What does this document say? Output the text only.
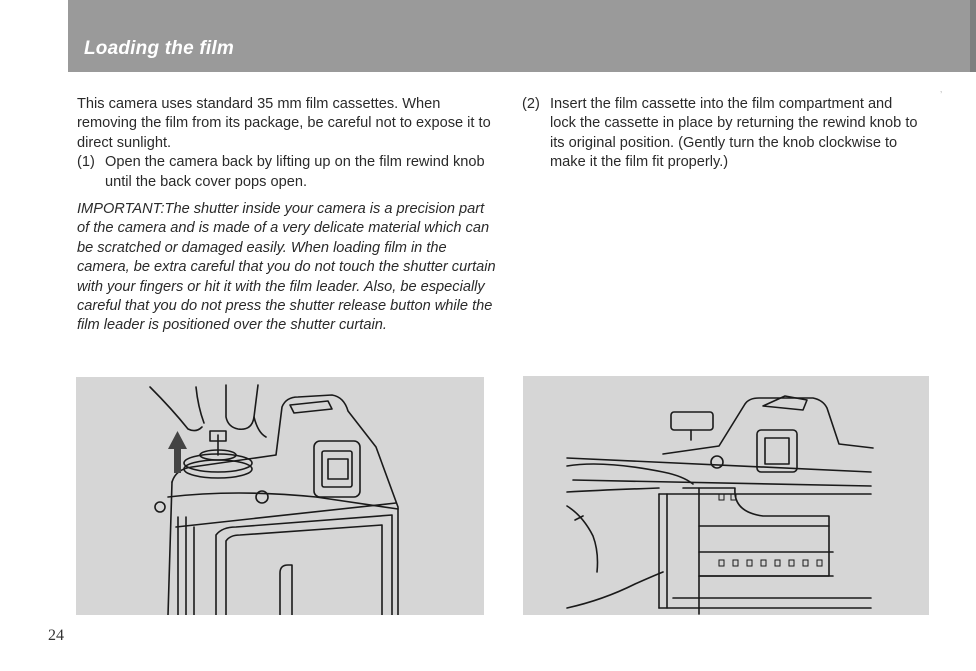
Loading the film
‚

This camera uses standard 35 mm film cassettes. When removing the film from its package, be careful not to expose it to direct sunlight.

(1) Open the camera back by lifting up on the film rewind knob until the back cover pops open.

IMPORTANT:The shutter inside your camera is a precision part of the camera and is made of a very delicate material which can be scratched or damaged easily. When loading film in the camera, be extra careful that you do not touch the shutter curtain with your fingers or hit it with the film leader. Also, be especially careful that you do not press the shutter release button while the film leader is positioned over the shutter curtain.

(2) Insert the film cassette into the film compartment and lock the cassette in place by returning the rewind knob to its original position. (Gently turn the knob clockwise to make it the film fit properly.)
24
